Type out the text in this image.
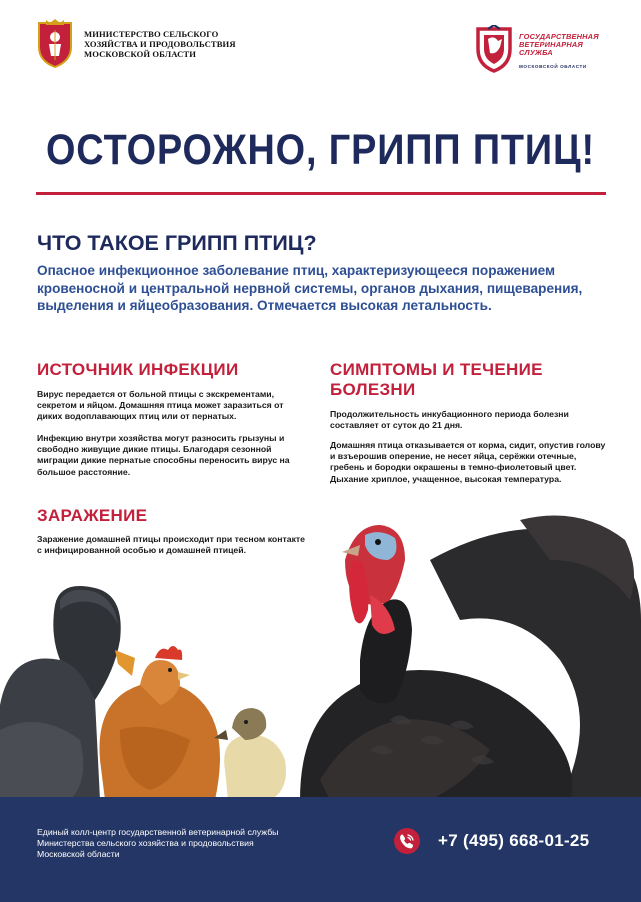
МИНИСТЕРСТВО СЕЛЬСКОГО
ХОЗЯЙСТВА И ПРОДОВОЛЬСТВИЯ
МОСКОВСКОЙ ОБЛАСТИ
ГОСУДАРСТВЕННАЯ
ВЕТЕРИНАРНАЯ
СЛУЖБА
МОСКОВСКОЙ ОБЛАСТИ
ОСТОРОЖНО, ГРИПП ПТИЦ!
ЧТО ТАКОЕ ГРИПП ПТИЦ?
Опасное инфекционное заболевание птиц, характеризующееся поражением кровеносной и центральной нервной системы, органов дыхания, пищеварения, выделения и яйцеобразования. Отмечается высокая летальность.
ИСТОЧНИК ИНФЕКЦИИ
Вирус передается от больной птицы с экскрементами, секретом и яйцом. Домашняя птица может заразиться от диких водоплавающих птиц или от пернатых.
Инфекцию внутри хозяйства могут разносить грызуны и свободно живущие дикие птицы. Благодаря сезонной миграции дикие пернатые способны переносить вирус на большое расстояние.
ЗАРАЖЕНИЕ
Заражение домашней птицы происходит при тесном контакте с инфицированной особью и домашней птицей.
СИМПТОМЫ И ТЕЧЕНИЕ БОЛЕЗНИ
Продолжительность инкубационного периода болезни составляет от суток до 21 дня.
Домашняя птица отказывается от корма, сидит, опустив голову и взъерошив оперение, не несет яйца, серёжки отечные, гребень и бородки окрашены в темно-фиолетовый цвет. Дыхание хриплое, учащенное, высокая температура.
Единый колл-центр государственной ветеринарной службы
Министерства сельского хозяйства и продовольствия
Московской области
+7 (495) 668-01-25
